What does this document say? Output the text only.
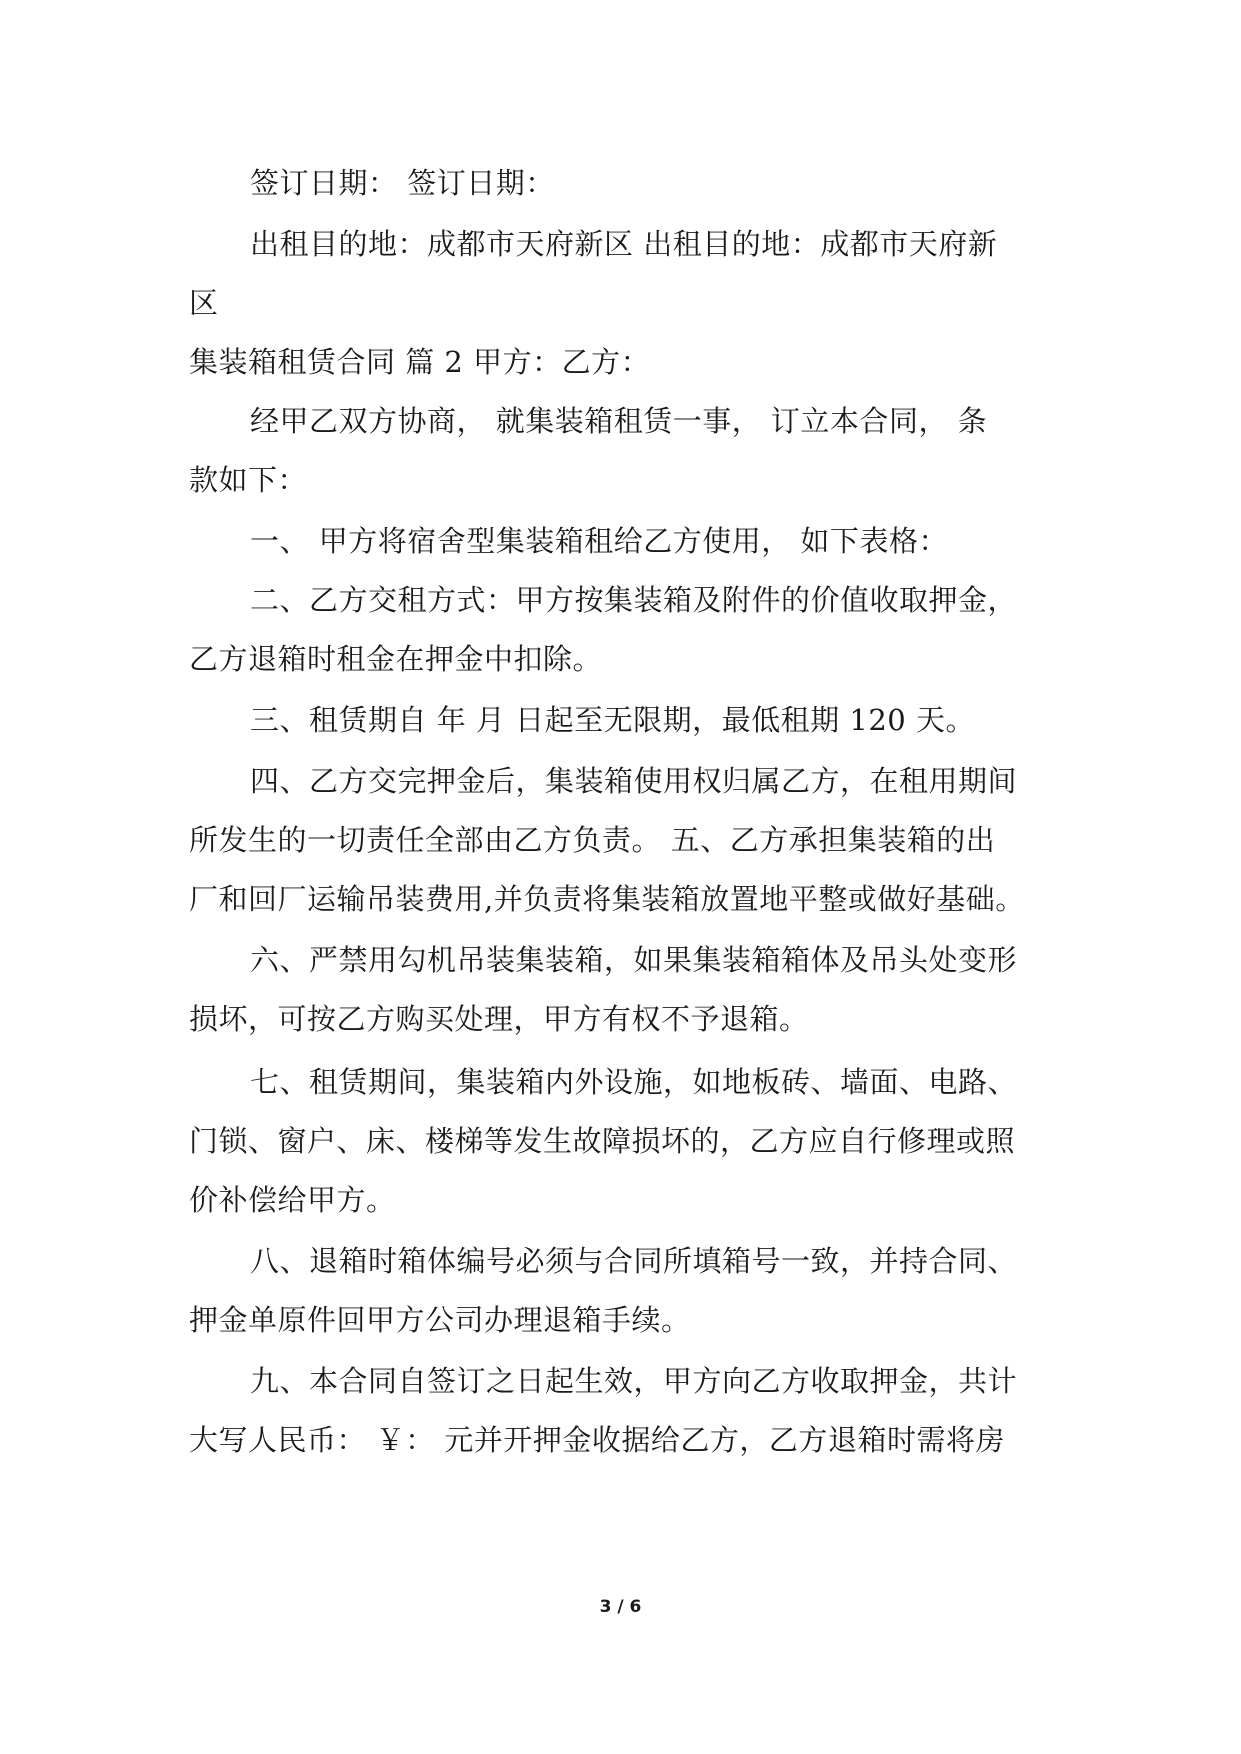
签订日期： 签订日期：
出租目的地：成都市天府新区 出租目的地：成都市天府新
区
集装箱租赁合同 篇 2 甲方：乙方：
经甲乙双方协商， 就集装箱租赁一事， 订立本合同， 条
款如下：
一、 甲方将宿舍型集装箱租给乙方使用， 如下表格：
二、乙方交租方式：甲方按集装箱及附件的价值收取押金，
乙方退箱时租金在押金中扣除。
三、租赁期自 年 月 日起至无限期，最低租期 120 天。
四、乙方交完押金后，集装箱使用权归属乙方，在租用期间
所发生的一切责任全部由乙方负责。 五、乙方承担集装箱的出
厂和回厂运输吊装费用,并负责将集装箱放置地平整或做好基础。
六、严禁用勾机吊装集装箱，如果集装箱箱体及吊头处变形
损坏，可按乙方购买处理，甲方有权不予退箱。
七、租赁期间，集装箱内外设施，如地板砖、墙面、电路、
门锁、窗户、床、楼梯等发生故障损坏的，乙方应自行修理或照
价补偿给甲方。
八、退箱时箱体编号必须与合同所填箱号一致，并持合同、
押金单原件回甲方公司办理退箱手续。
九、本合同自签订之日起生效，甲方向乙方收取押金，共计
大写人民币： ￥： 元并开押金收据给乙方，乙方退箱时需将房
3 / 6
